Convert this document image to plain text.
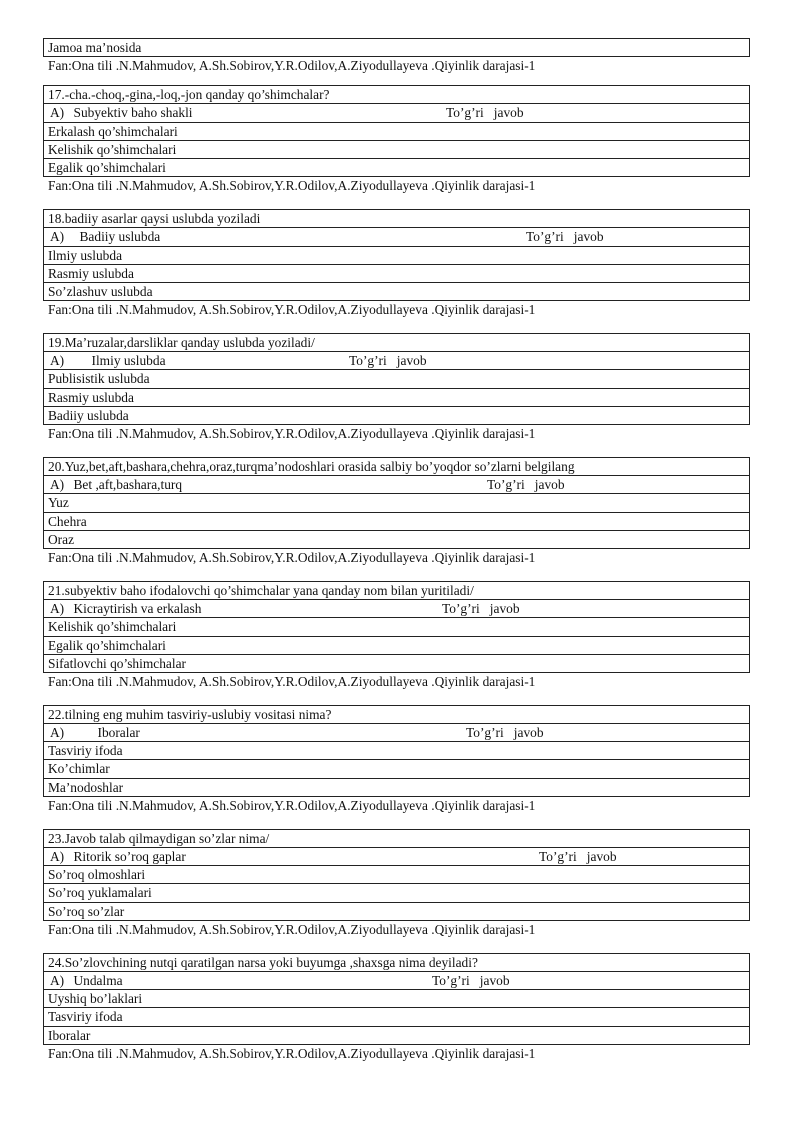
Jamoa ma’nosida
Fan:Ona tili .N.Mahmudov, A.Sh.Sobirov,Y.R.Odilov,A.Ziyodullayeva .Qiyinlik darajasi-1
17.-cha.-choq,-gina,-loq,-jon qanday qo’shimchalar?
A) Subyektiv baho shakli	To’g’ri   javob
Erkalash qo’shimchalari
Kelishik qo’shimchalari
Egalik qo’shimchalari
Fan:Ona tili .N.Mahmudov, A.Sh.Sobirov,Y.R.Odilov,A.Ziyodullayeva .Qiyinlik darajasi-1
18.badiiy asarlar qaysi uslubda yoziladi
A) Badiiy uslubda	To’g’ri   javob
Ilmiy uslubda
Rasmiy uslubda
So’zlashuv uslubda
Fan:Ona tili .N.Mahmudov, A.Sh.Sobirov,Y.R.Odilov,A.Ziyodullayeva .Qiyinlik darajasi-1
19.Ma’ruzalar,darsliklar qanday uslubda yoziladi/
A) Ilmiy uslubda	To’g’ri   javob
Publisistik uslubda
Rasmiy uslubda
Badiiy uslubda
Fan:Ona tili .N.Mahmudov, A.Sh.Sobirov,Y.R.Odilov,A.Ziyodullayeva .Qiyinlik darajasi-1
20.Yuz,bet,aft,bashara,chehra,oraz,turqma’nodoshlari orasida salbiy bo’yoqdor so’zlarni belgilang
A) Bet ,aft,bashara,turq	To’g’ri   javob
Yuz
Chehra
Oraz
Fan:Ona tili .N.Mahmudov, A.Sh.Sobirov,Y.R.Odilov,A.Ziyodullayeva .Qiyinlik darajasi-1
21.subyektiv baho ifodalovchi qo’shimchalar yana qanday nom bilan yuritiladi/
A) Kicraytirish va erkalash	To’g’ri   javob
Kelishik qo’shimchalari
Egalik qo’shimchalari
Sifatlovchi qo’shimchalar
Fan:Ona tili .N.Mahmudov, A.Sh.Sobirov,Y.R.Odilov,A.Ziyodullayeva .Qiyinlik darajasi-1
22.tilning eng muhim tasviriy-uslubiy vositasi nima?
A) Iboralar	To’g’ri   javob
Tasviriy ifoda
Ko’chimlar
Ma’nodoshlar
Fan:Ona tili .N.Mahmudov, A.Sh.Sobirov,Y.R.Odilov,A.Ziyodullayeva .Qiyinlik darajasi-1
23.Javob talab qilmaydigan so’zlar nima/
A) Ritorik so’roq gaplar	To’g’ri   javob
So’roq olmoshlari
So’roq yuklamalari
So’roq so’zlar
Fan:Ona tili .N.Mahmudov, A.Sh.Sobirov,Y.R.Odilov,A.Ziyodullayeva .Qiyinlik darajasi-1
24.So’zlovchining nutqi qaratilgan narsa yoki buyumga ,shaxsga nima deyiladi?
A) Undalma	To’g’ri   javob
Uyshiq bo’laklari
Tasviriy ifoda
Iboralar
Fan:Ona tili .N.Mahmudov, A.Sh.Sobirov,Y.R.Odilov,A.Ziyodullayeva .Qiyinlik darajasi-1
